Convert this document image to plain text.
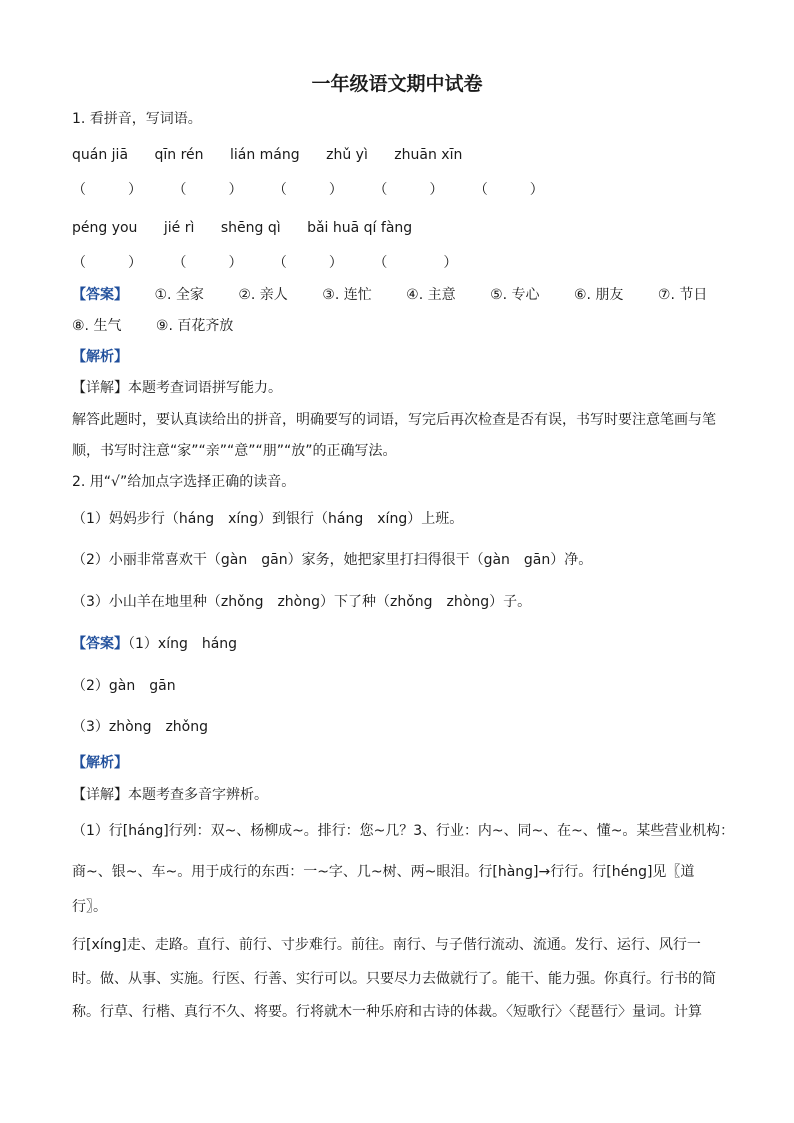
一年级语文期中试卷
1. 看拼音，写词语。
quán jiā qīn rén lián máng zhǔ yì zhuān xīn
（　　　） （　　　） （　　　） （　　　） （　　　）
péng you jié rì shēng qì bǎi huā qí fàng
（　　　） （　　　） （　　　） （　　　　）
【答案】 ①. 全家 ②. 亲人 ③. 连忙 ④. 主意 ⑤. 专心 ⑥. 朋友 ⑦. 节日
⑧. 生气 ⑨. 百花齐放
【解析】
【详解】本题考查词语拼写能力。
解答此题时，要认真读给出的拼音，明确要写的词语，写完后再次检查是否有误，书写时要注意笔画与笔
顺，书写时注意“家”“亲”“意”“朋”“放”的正确写法。
2. 用“√”给加点字选择正确的读音。
（1）妈妈步行（háng　xíng）到银行（háng　xíng）上班。
（2）小丽非常喜欢干（gàn　gān）家务，她把家里打扫得很干（gàn　gān）净。
（3）小山羊在地里种（zhǒng　zhòng）下了种（zhǒng　zhòng）子。
【答案】（1）xíng　háng
（2）gàn　gān
（3）zhòng　zhǒng
【解析】
【详解】本题考查多音字辨析。
（1）行[háng]行列：双~、杨柳成~。排行：您~几？3、行业：内~、同~、在~、懂~。某些营业机构：
商~、银~、车~。用于成行的东西：一~字、几~树、两~眼泪。行[hàng]→行行。行[héng]见〖道
行〗。
行[xíng]走、走路。直行、前行、寸步难行。前往。南行、与子偕行流动、流通。发行、运行、风行一
时。做、从事、实施。行医、行善、实行可以。只要尽力去做就行了。能干、能力强。你真行。行书的简
称。行草、行楷、真行不久、将要。行将就木一种乐府和古诗的体裁。〈短歌行〉〈琵琶行〉量词。计算
